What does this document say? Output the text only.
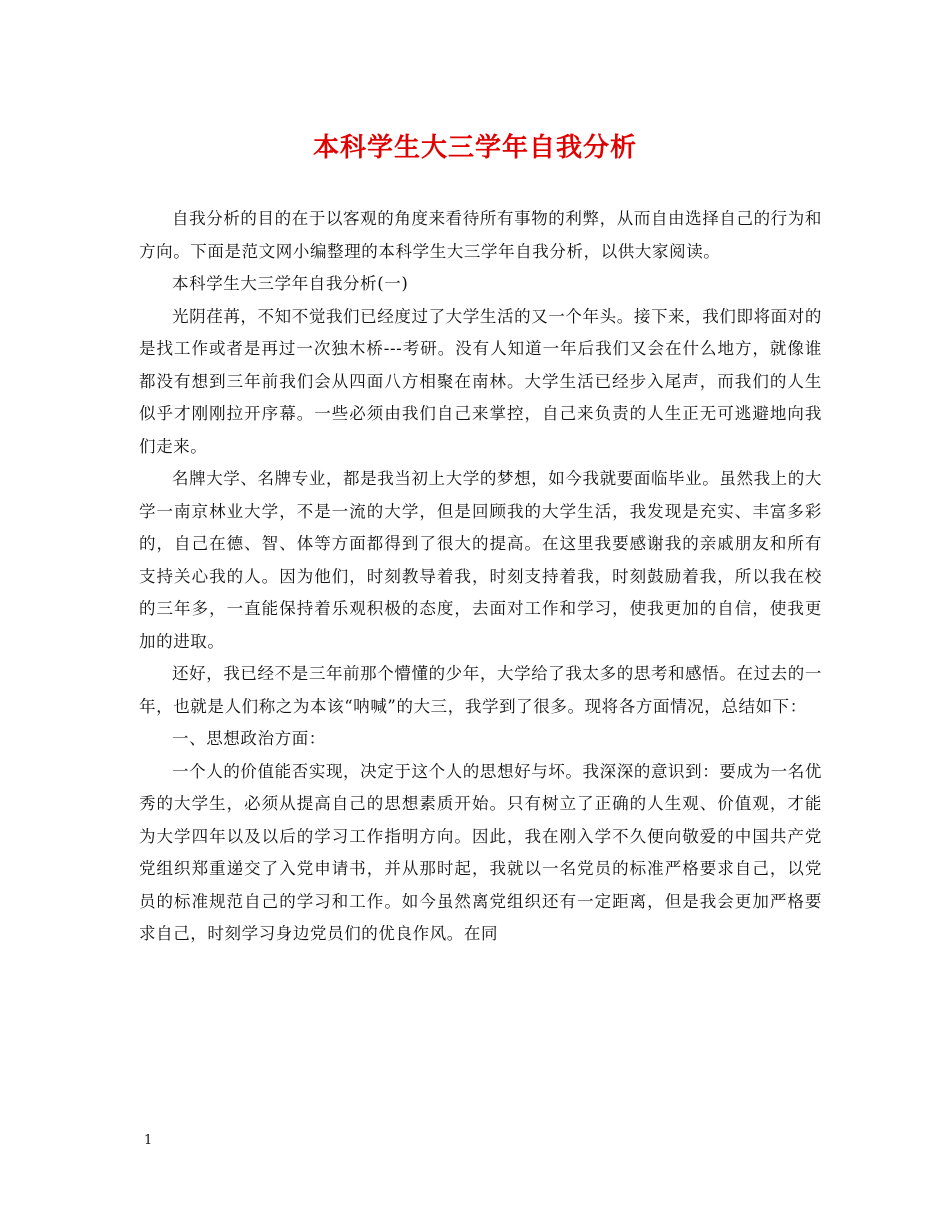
本科学生大三学年自我分析

自我分析的目的在于以客观的角度来看待所有事物的利弊，从而自由选择自己的行为和方向。下面是范文网小编整理的本科学生大三学年自我分析，以供大家阅读。

本科学生大三学年自我分析(一)

光阴荏苒，不知不觉我们已经度过了大学生活的又一个年头。接下来，我们即将面对的是找工作或者是再过一次独木桥---考研。没有人知道一年后我们又会在什么地方，就像谁都没有想到三年前我们会从四面八方相聚在南林。大学生活已经步入尾声，而我们的人生似乎才刚刚拉开序幕。一些必须由我们自己来掌控，自己来负责的人生正无可逃避地向我们走来。

名牌大学、名牌专业，都是我当初上大学的梦想，如今我就要面临毕业。虽然我上的大学一南京林业大学，不是一流的大学，但是回顾我的大学生活，我发现是充实、丰富多彩的，自己在德、智、体等方面都得到了很大的提高。在这里我要感谢我的亲戚朋友和所有支持关心我的人。因为他们，时刻教导着我，时刻支持着我，时刻鼓励着我，所以我在校的三年多，一直能保持着乐观积极的态度，去面对工作和学习，使我更加的自信，使我更加的进取。

还好，我已经不是三年前那个懵懂的少年，大学给了我太多的思考和感悟。在过去的一年，也就是人们称之为本该“呐喊”的大三，我学到了很多。现将各方面情况，总结如下：

一、思想政治方面：

一个人的价值能否实现，决定于这个人的思想好与坏。我深深的意识到：要成为一名优秀的大学生，必须从提高自己的思想素质开始。只有树立了正确的人生观、价值观，才能为大学四年以及以后的学习工作指明方向。因此，我在刚入学不久便向敬爱的中国共产党党组织郑重递交了入党申请书，并从那时起，我就以一名党员的标准严格要求自己，以党员的标准规范自己的学习和工作。如今虽然离党组织还有一定距离，但是我会更加严格要求自己，时刻学习身边党员们的优良作风。在同

1
